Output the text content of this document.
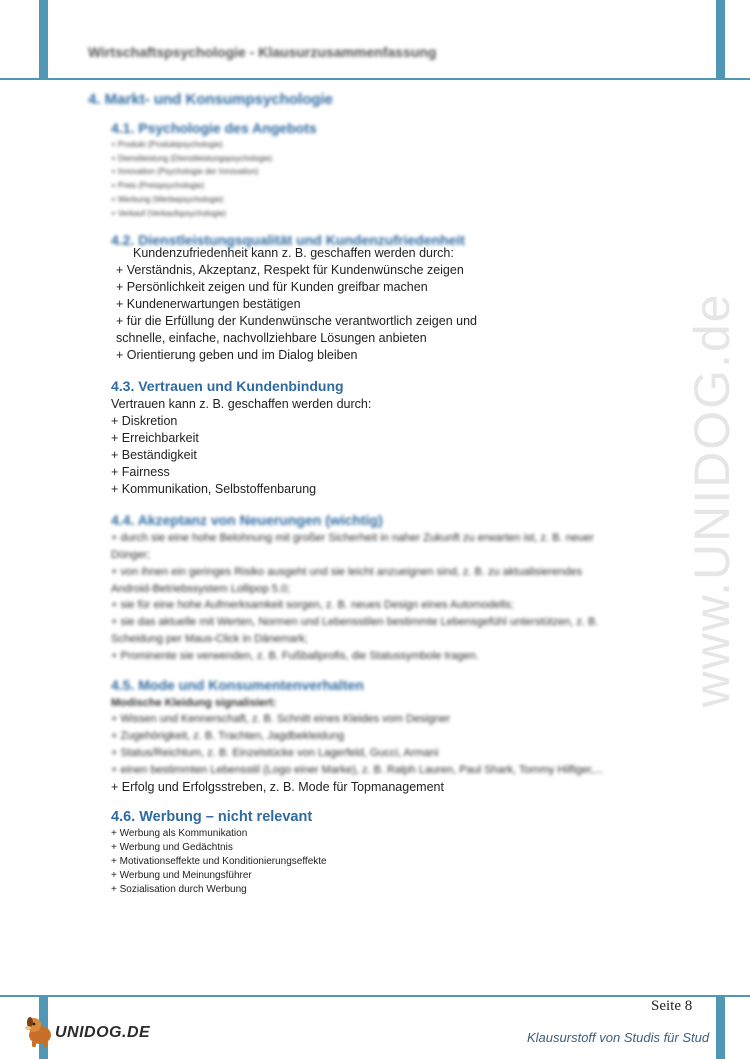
Wirtschaftspsychologie - Klausurzusammenfassung
www.UNIDOG.de
4. Markt- und Konsumpsychologie
4.1. Psychologie des Angebots
+ Produkt (Produktpsychologie)
+ Dienstleistung (Dienstleistungspsychologie)
+ Innovation (Psychologie der Innovation)
+ Preis (Preispsychologie)
+ Werbung (Werbepsychologie)
+ Verkauf (Verkaufspsychologie)
4.2. Dienstleistungsqualität und Kundenzufriedenheit
Kundenzufriedenheit kann z. B. geschaffen werden durch:
+ Verständnis, Akzeptanz, Respekt für Kundenwünsche zeigen
+ Persönlichkeit zeigen und für Kunden greifbar machen
+ Kundenerwartungen bestätigen
+ für die Erfüllung der Kundenwünsche verantwortlich zeigen und
schnelle, einfache, nachvollziehbare Lösungen anbieten
+ Orientierung geben und im Dialog bleiben
4.3. Vertrauen und Kundenbindung
Vertrauen kann z. B. geschaffen werden durch:
+ Diskretion
+ Erreichbarkeit
+ Beständigkeit
+ Fairness
+ Kommunikation, Selbstoffenbarung
4.4. Akzeptanz von Neuerungen (wichtig)
+ durch sie eine hohe Belohnung mit großer Sicherheit in naher Zukunft zu erwarten ist, z. B. neuer
Dünger;
+ von ihnen ein geringes Risiko ausgeht und sie leicht anzueignen sind, z. B. zu aktualisierendes
Android-Betriebssystem Lollipop 5.0;
+ sie für eine hohe Aufmerksamkeit sorgen, z. B. neues Design eines Automodells;
+ sie das aktuelle mit Werten, Normen und Lebensstilen bestimmte Lebensgefühl unterstützen, z. B.
Scheidung per Maus-Click in Dänemark;
+ Prominente sie verwenden, z. B. Fußballprofis, die Statussymbole tragen.
4.5. Mode und Konsumentenverhalten
Modische Kleidung signalisiert:
+ Wissen und Kennerschaft, z. B. Schnitt eines Kleides vom Designer
+ Zugehörigkeit, z. B. Trachten, Jagdbekleidung
+ Status/Reichtum, z. B. Einzelstücke von Lagerfeld, Gucci, Armani
+ einen bestimmten Lebensstil (Logo einer Marke), z. B. Ralph Lauren, Paul Shark, Tommy Hilfiger,...
+ Erfolg und Erfolgsstreben, z. B. Mode für Topmanagement
4.6. Werbung – nicht relevant
+ Werbung als Kommunikation
+ Werbung und Gedächtnis
+ Motivationseffekte und Konditionierungseffekte
+ Werbung und Meinungsführer
+ Sozialisation durch Werbung
Seite 8
Klausurstoff von Studis für Stud
UNIDOG.DE
